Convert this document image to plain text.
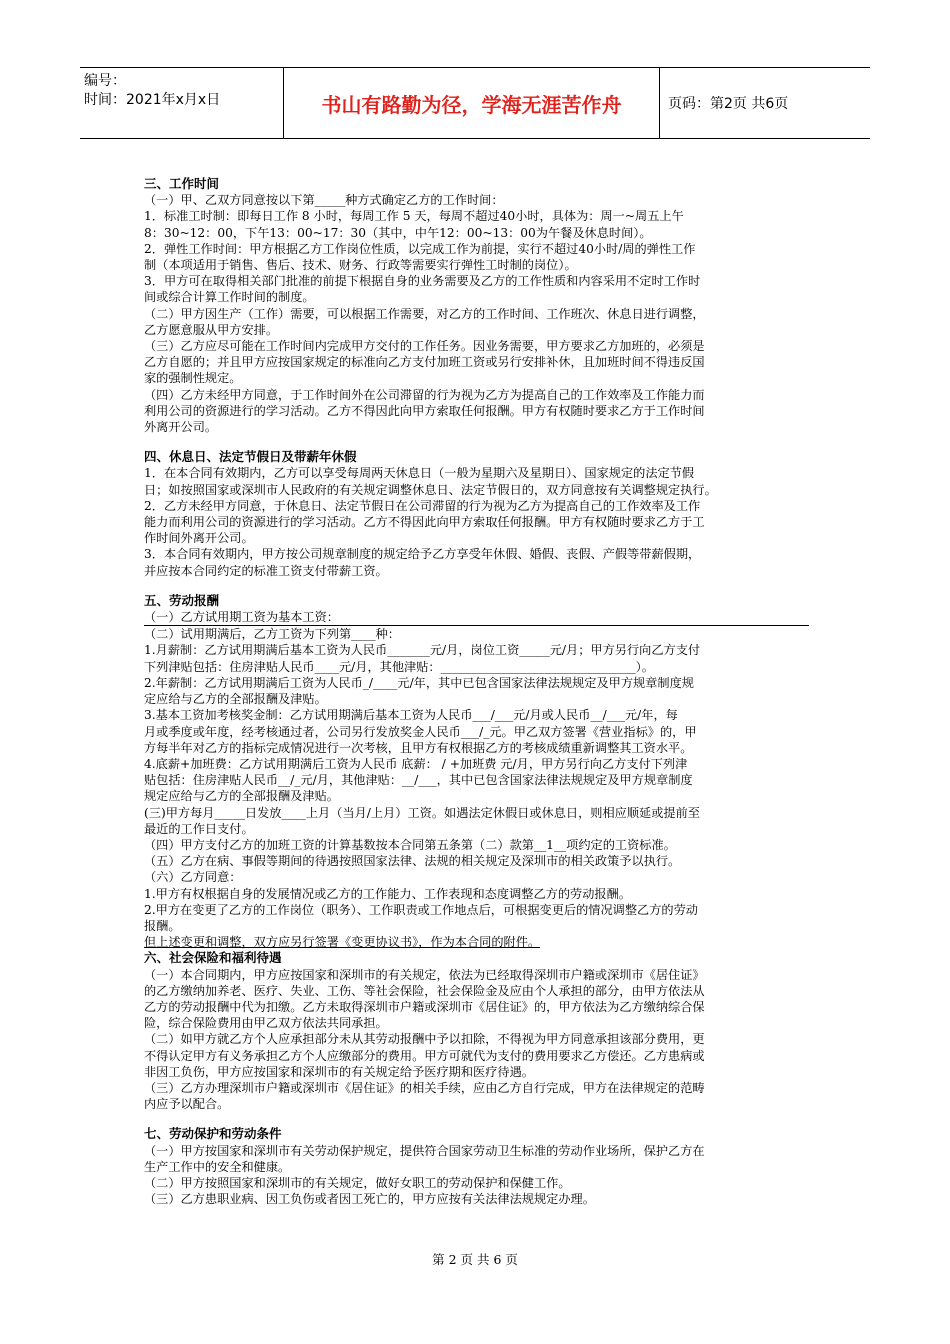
编号：
时间：2021年x月x日	书山有路勤为径，学海无涯苦作舟	页码：第2页 共6页

三、工作时间

（一）甲、乙双方同意按以下第_____种方式确定乙方的工作时间：

1．标准工时制：即每日工作 8 小时，每周工作 5 天，每周不超过40小时，具体为：周一~周五上午

8：30~12：00，下午13：00~17：30（其中，中午12：00~13：00为午餐及休息时间）。

2．弹性工作时间：甲方根据乙方工作岗位性质，以完成工作为前提，实行不超过40小时/周的弹性工作

制（本项适用于销售、售后、技术、财务、行政等需要实行弹性工时制的岗位）。

3．甲方可在取得相关部门批准的前提下根据自身的业务需要及乙方的工作性质和内容采用不定时工作时

间或综合计算工作时间的制度。

（二）甲方因生产（工作）需要，可以根据工作需要，对乙方的工作时间、工作班次、休息日进行调整，

乙方愿意服从甲方安排。

（三）乙方应尽可能在工作时间内完成甲方交付的工作任务。因业务需要，甲方要求乙方加班的，必须是

乙方自愿的；并且甲方应按国家规定的标准向乙方支付加班工资或另行安排补休，且加班时间不得违反国

家的强制性规定。

（四）乙方未经甲方同意，于工作时间外在公司滞留的行为视为乙方为提高自己的工作效率及工作能力而

利用公司的资源进行的学习活动。乙方不得因此向甲方索取任何报酬。甲方有权随时要求乙方于工作时间

外离开公司。

四、休息日、法定节假日及带薪年休假

1．在本合同有效期内，乙方可以享受每周两天休息日（一般为星期六及星期日）、国家规定的法定节假

日；如按照国家或深圳市人民政府的有关规定调整休息日、法定节假日的，双方同意按有关调整规定执行。

2．乙方未经甲方同意，于休息日、法定节假日在公司滞留的行为视为乙方为提高自己的工作效率及工作

能力而利用公司的资源进行的学习活动。乙方不得因此向甲方索取任何报酬。甲方有权随时要求乙方于工

作时间外离开公司。

3．本合同有效期内，甲方按公司规章制度的规定给予乙方享受年休假、婚假、丧假、产假等带薪假期，

并应按本合同约定的标准工资支付带薪工资。

五、劳动报酬

（一）乙方试用期工资为基本工资：

（二）试用期满后，乙方工资为下列第____种：

1.月薪制：乙方试用期满后基本工资为人民币_______元/月，岗位工资_____元/月；甲方另行向乙方支付

下列津贴包括：住房津贴人民币____元/月，其他津贴：________________________________）。

2.年薪制：乙方试用期满后工资为人民币_/____元/年，其中已包含国家法律法规规定及甲方规章制度规

定应给与乙方的全部报酬及津贴。

3.基本工资加考核奖金制：乙方试用期满后基本工资为人民币___/___元/月或人民币__/___元/年，每

月或季度或年度，经考核通过者，公司另行发放奖金人民币___/_元。甲乙双方签署《营业指标》的，甲

方每半年对乙方的指标完成情况进行一次考核，且甲方有权根据乙方的考核成绩重新调整其工资水平。

4.底薪+加班费：乙方试用期满后工资为人民币 底薪： / +加班费 元/月，甲方另行向乙方支付下列津

贴包括：住房津贴人民币__/_元/月，其他津贴：__/___，其中已包含国家法律法规规定及甲方规章制度

规定应给与乙方的全部报酬及津贴。

(三)甲方每月_____日发放____上月（当月/上月）工资。如遇法定休假日或休息日，则相应顺延或提前至

最近的工作日支付。

（四）甲方支付乙方的加班工资的计算基数按本合同第五条第（二）款第__1__项约定的工资标准。

（五）乙方在病、事假等期间的待遇按照国家法律、法规的相关规定及深圳市的相关政策予以执行。

（六）乙方同意：

1.甲方有权根据自身的发展情况或乙方的工作能力、工作表现和态度调整乙方的劳动报酬。

2.甲方在变更了乙方的工作岗位（职务）、工作职责或工作地点后，可根据变更后的情况调整乙方的劳动

报酬。

但上述变更和调整，双方应另行签署《变更协议书》，作为本合同的附件。

六、社会保险和福利待遇

（一）本合同期内，甲方应按国家和深圳市的有关规定，依法为已经取得深圳市户籍或深圳市《居住证》

的乙方缴纳加养老、医疗、失业、工伤、等社会保险，社会保险金及应由个人承担的部分，由甲方依法从

乙方的劳动报酬中代为扣缴。乙方未取得深圳市户籍或深圳市《居住证》的，甲方依法为乙方缴纳综合保

险，综合保险费用由甲乙双方依法共同承担。

（二）如甲方就乙方个人应承担部分未从其劳动报酬中予以扣除，不得视为甲方同意承担该部分费用，更

不得认定甲方有义务承担乙方个人应缴部分的费用。甲方可就代为支付的费用要求乙方偿还。乙方患病或

非因工负伤，甲方应按国家和深圳市的有关规定给予医疗期和医疗待遇。

（三）乙方办理深圳市户籍或深圳市《居住证》的相关手续，应由乙方自行完成，甲方在法律规定的范畴

内应予以配合。

七、劳动保护和劳动条件

（一）甲方按国家和深圳市有关劳动保护规定，提供符合国家劳动卫生标准的劳动作业场所，保护乙方在

生产工作中的安全和健康。

（二）甲方按照国家和深圳市的有关规定，做好女职工的劳动保护和保健工作。

（三）乙方患职业病、因工负伤或者因工死亡的，甲方应按有关法律法规规定办理。

第 2 页 共 6 页
